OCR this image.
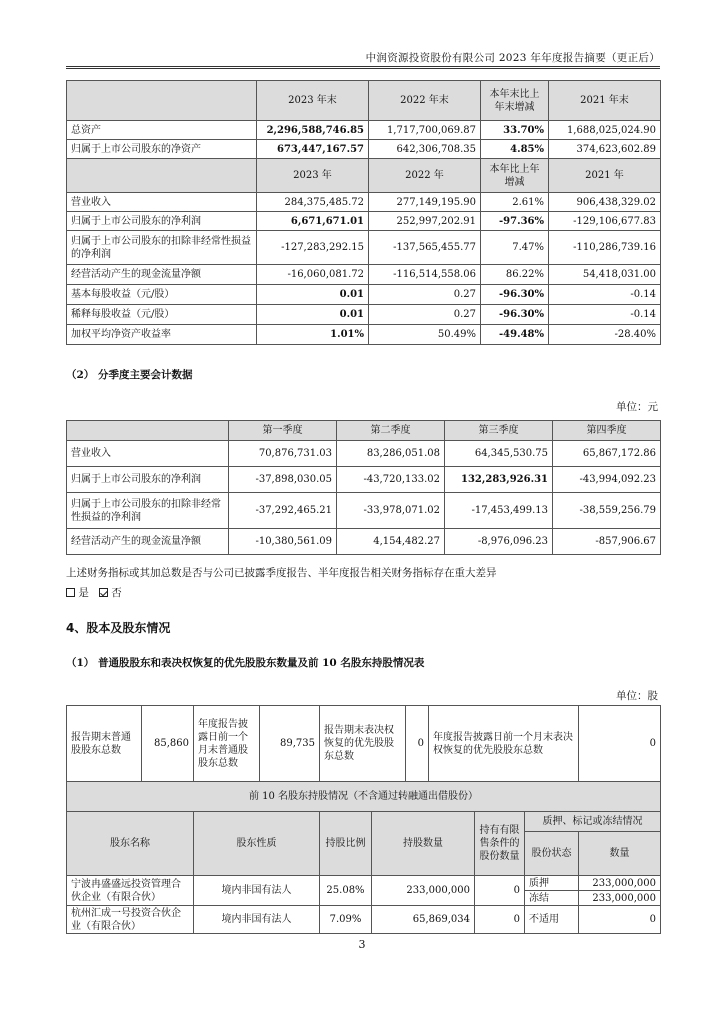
中润资源投资股份有限公司 2023 年年度报告摘要（更正后）
	2023 年末	2022 年末	本年末比上
年末增减	2021 年末
总资产	2,296,588,746.85	1,717,700,069.87	33.70%	1,688,025,024.90
归属于上市公司股东的净资产	673,447,167.57	642,306,708.35	4.85%	374,623,602.89
	2023 年	2022 年	本年比上年
增减	2021 年
营业收入	284,375,485.72	277,149,195.90	2.61%	906,438,329.02
归属于上市公司股东的净利润	6,671,671.01	252,997,202.91	-97.36%	-129,106,677.83
归属于上市公司股东的扣除非经常性损益的净利润	-127,283,292.15	-137,565,455.77	7.47%	-110,286,739.16
经营活动产生的现金流量净额	-16,060,081.72	-116,514,558.06	86.22%	54,418,031.00
基本每股收益（元/股）	0.01	0.27	-96.30%	-0.14
稀释每股收益（元/股）	0.01	0.27	-96.30%	-0.14
加权平均净资产收益率	1.01%	50.49%	-49.48%	-28.40%
（2） 分季度主要会计数据
单位：元
	第一季度	第二季度	第三季度	第四季度
营业收入	70,876,731.03	83,286,051.08	64,345,530.75	65,867,172.86
归属于上市公司股东的净利润	-37,898,030.05	-43,720,133.02	132,283,926.31	-43,994,092.23
归属于上市公司股东的扣除非经常性损益的净利润	-37,292,465.21	-33,978,071.02	-17,453,499.13	-38,559,256.79
经营活动产生的现金流量净额	-10,380,561.09	4,154,482.27	-8,976,096.23	-857,906.67
上述财务指标或其加总数是否与公司已披露季度报告、半年度报告相关财务指标存在重大差异
是 否
4、股本及股东情况
（1） 普通股股东和表决权恢复的优先股股东数量及前 10 名股东持股情况表
单位：股
报告期末普通股股东总数	85,860	年度报告披露日前一个月末普通股股东总数	89,735	报告期末表决权恢复的优先股股东总数		0	年度报告披露日前一个月末表决权恢复的优先股股东总数			0
前 10 名股东持股情况（不含通过转融通出借股份）										
股东名称		股东性质		持股比例	持股数量			持有有限售条件的股份数量	质押、标记或冻结情况	
									股份状态	数量
宁波冉盛盛远投资管理合伙企业（有限合伙）		境内非国有法人		25.08%	233,000,000			0	质押	233,000,000
									冻结	233,000,000
杭州汇成一号投资合伙企业（有限合伙）		境内非国有法人		7.09%	65,869,034			0	不适用	0
3
